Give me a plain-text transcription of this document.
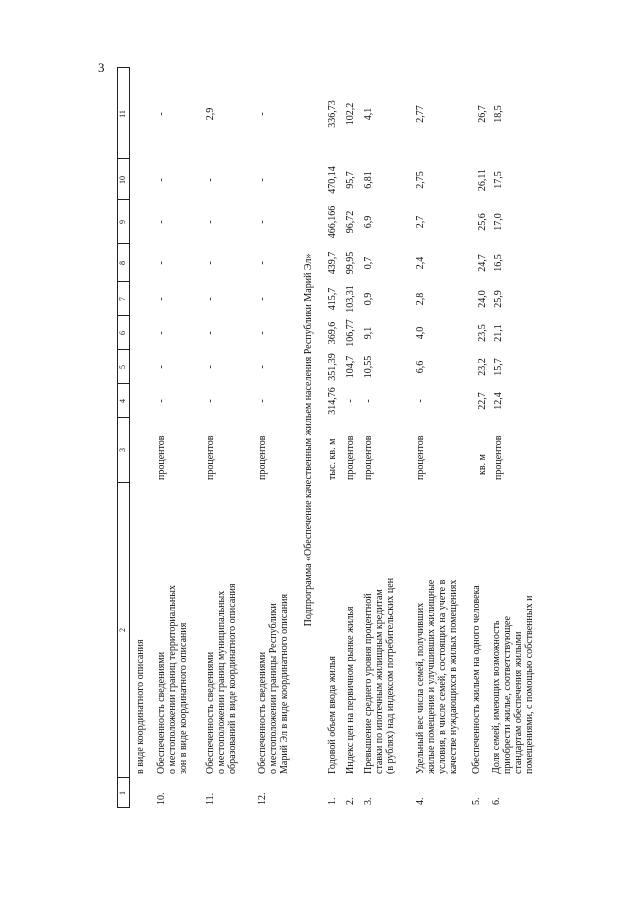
3
1
2
3
4
5
6
7
8
9
10
11
в виде координатного описания
10.
Обеспеченность сведениями о местоположении границ территориальных зон в виде координатного описания
процентов
-
-
-
-
-
-
-
-
11.
Обеспеченность сведениями о местоположении границ муниципальных образований в виде координатного описания
процентов
-
-
-
-
-
-
-
2,9
12.
Обеспеченность сведениями о местоположении границы Республики Марий Эл в виде координатного описания
процентов
-
-
-
-
-
-
-
-
Подпрограмма «Обеспечение качественным жильем населения Республики Марий Эл»
1.
Годовой объем ввода жилья
тыс. кв. м
314,76
351,39
369,6
415,7
439,7
466,166
470,14
336,73
2.
Индекс цен на первичном рынке жилья
процентов
-
104,7
106,77
103,31
99,95
96,72
95,7
102,2
3.
Превышение среднего уровня процентной ставки по ипотечным жилищным кредитам (в рублях) над индексом потребительских цен
процентов
-
10,55
9,1
0,9
0,7
6,9
6,81
4,1
4.
Удельный вес числа семей, получивших жилые помещения и улучшивших жилищные условия, в числе семей, состоящих на учете в качестве нуждающихся в жилых помещениях
процентов
-
6,6
4,0
2,8
2,4
2,7
2,75
2,77
5.
Обеспеченность жильем на одного человека
кв. м
22,7
23,2
23,5
24,0
24,7
25,6
26,11
26,7
6.
Доля семей, имеющих возможность приобрести жилье, соответствующее стандартам обеспечения жилыми помещениями, с помощью собственных и
процентов
12,4
15,7
21,1
25,9
16,5
17,0
17,5
18,5
